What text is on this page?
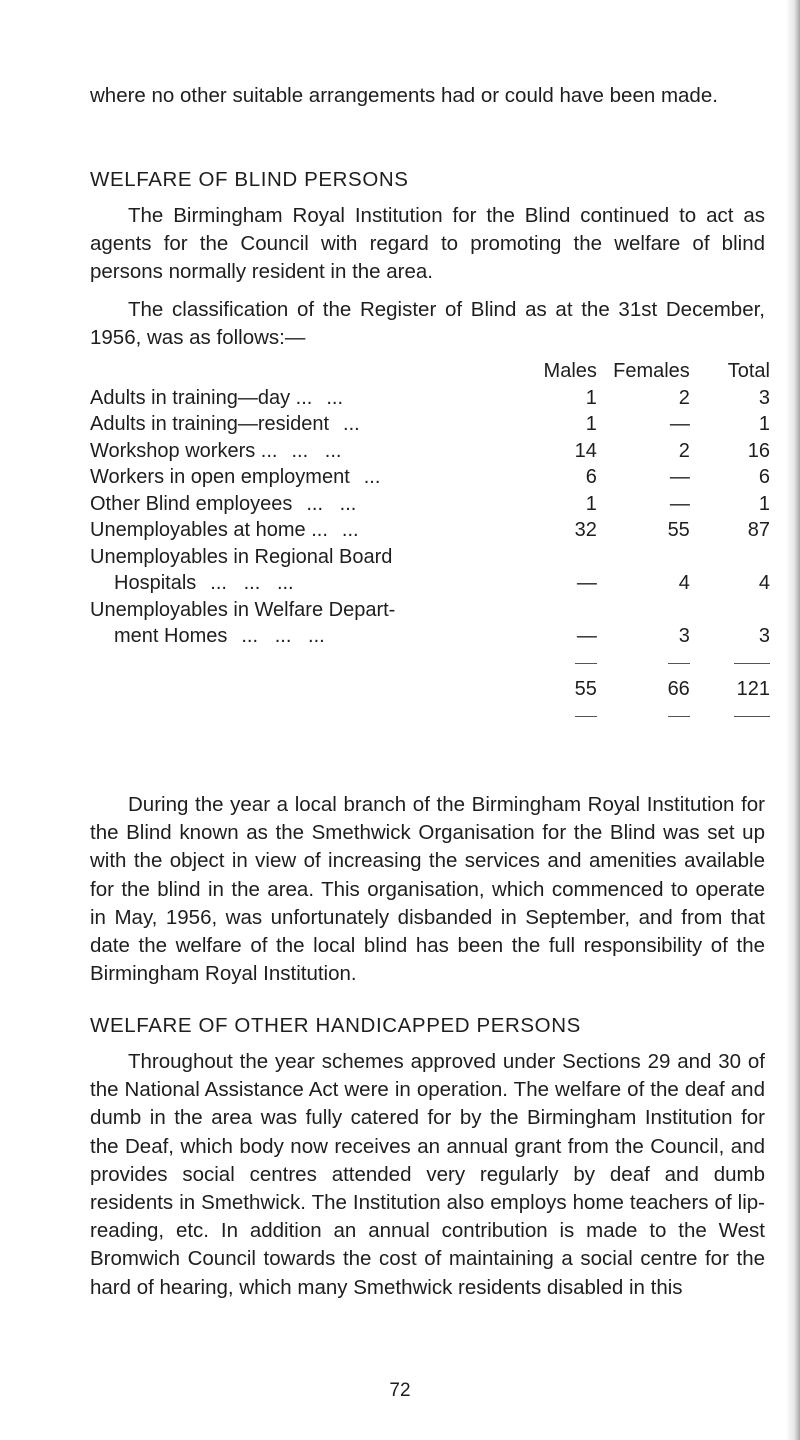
where no other suitable arrangements had or could have been made.

WELFARE OF BLIND PERSONS

The Birmingham Royal Institution for the Blind continued to act as agents for the Council with regard to promoting the welfare of blind persons normally resident in the area.

The classification of the Register of Blind as at the 31st December, 1956, was as follows:—

	Males	Females	Total
Adults in training—day ... ...	1	2	3
Adults in training—resident ...	1	—	1
Workshop workers ... ...   ...	14	2	16
Workers in open employment ...	6	—	6
Other Blind employees ...   ...	1	—	1
Unemployables at home ... ...	32	55	87
Unemployables in Regional Board			
Hospitals ...   ...   ...	—	4	4
Unemployables in Welfare Depart-			
ment Homes ...   ...   ...	—	3	3

	55	66	121

During the year a local branch of the Birmingham Royal Institution for the Blind known as the Smethwick Organisation for the Blind was set up with the object in view of increasing the services and amenities available for the blind in the area. This organisation, which commenced to operate in May, 1956, was unfortunately disbanded in September, and from that date the welfare of the local blind has been the full responsibility of the Birmingham Royal Institution.

WELFARE OF OTHER HANDICAPPED PERSONS

Throughout the year schemes approved under Sections 29 and 30 of the National Assistance Act were in operation. The welfare of the deaf and dumb in the area was fully catered for by the Birmingham Institution for the Deaf, which body now receives an annual grant from the Council, and provides social centres attended very regularly by deaf and dumb residents in Smethwick. The Institution also employs home teachers of lip-reading, etc. In addition an annual contribution is made to the West Bromwich Council towards the cost of maintaining a social centre for the hard of hearing, which many Smethwick residents disabled in this

72
